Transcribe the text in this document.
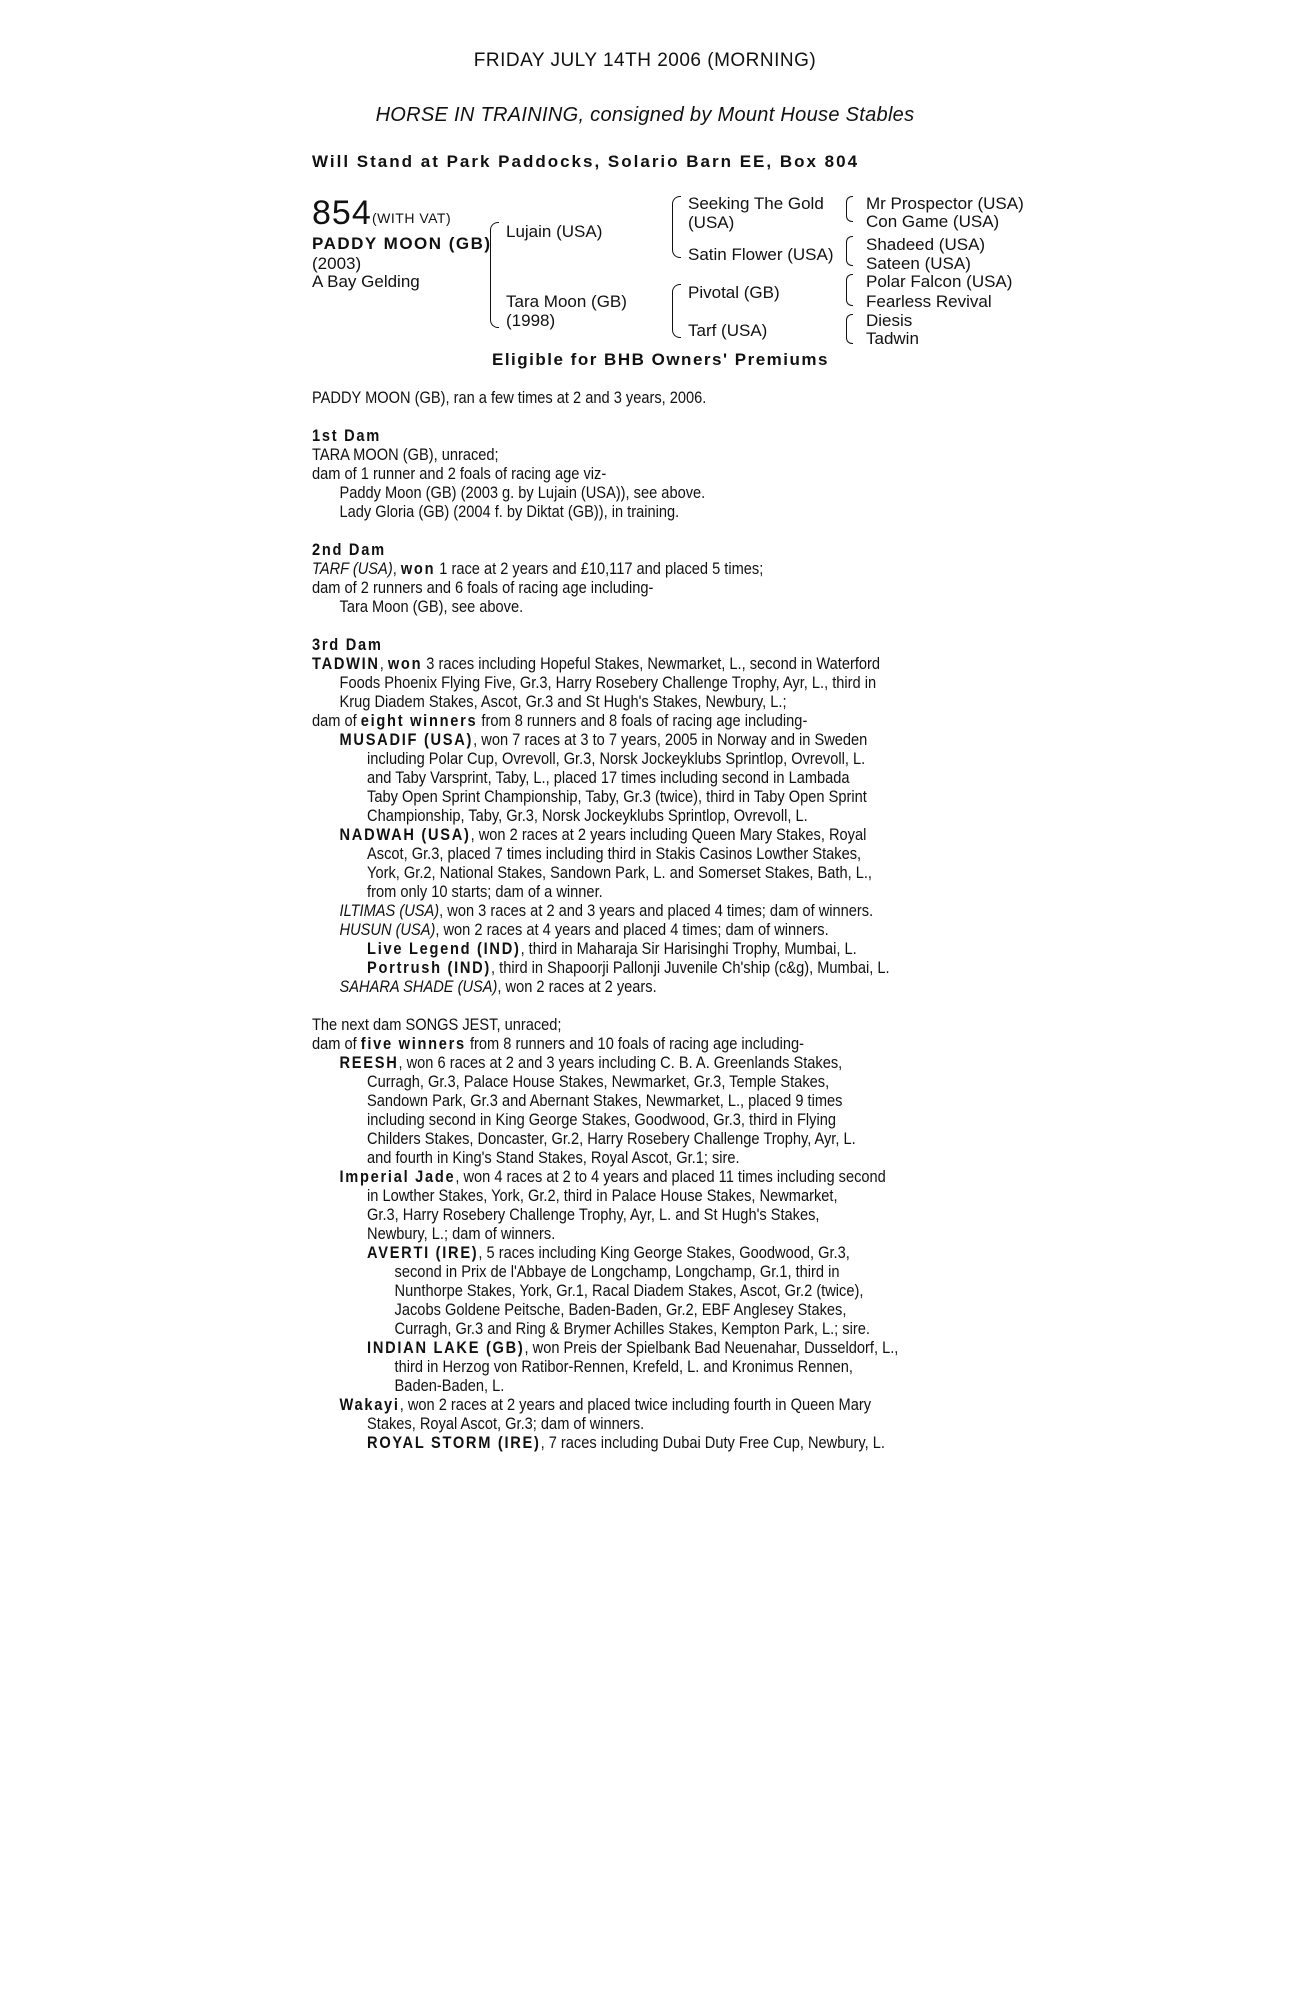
FRIDAY JULY 14TH 2006 (MORNING)
HORSE IN TRAINING, consigned by Mount House Stables
Will Stand at Park Paddocks, Solario Barn EE, Box 804
854 (WITH VAT)
PADDY MOON (GB)
(2003)
A Bay Gelding
Lujain (USA)
Tara Moon (GB)
(1998)
Seeking The Gold
(USA)
Satin Flower (USA)
Pivotal (GB)
Tarf (USA)
Mr Prospector (USA)
Con Game (USA)
Shadeed (USA)
Sateen (USA)
Polar Falcon (USA)
Fearless Revival
Diesis
Tadwin
Eligible for BHB Owners' Premiums
PADDY MOON (GB), ran a few times at 2 and 3 years, 2006.
1st Dam
TARA MOON (GB), unraced;
dam of 1 runner and 2 foals of racing age viz-
Paddy Moon (GB) (2003 g. by Lujain (USA)), see above.
Lady Gloria (GB) (2004 f. by Diktat (GB)), in training.
2nd Dam
TARF (USA), won 1 race at 2 years and £10,117 and placed 5 times;
dam of 2 runners and 6 foals of racing age including-
Tara Moon (GB), see above.
3rd Dam
TADWIN, won 3 races including Hopeful Stakes, Newmarket, L., second in Waterford
Foods Phoenix Flying Five, Gr.3, Harry Rosebery Challenge Trophy, Ayr, L., third in
Krug Diadem Stakes, Ascot, Gr.3 and St Hugh's Stakes, Newbury, L.;
dam of eight winners from 8 runners and 8 foals of racing age including-
MUSADIF (USA), won 7 races at 3 to 7 years, 2005 in Norway and in Sweden
including Polar Cup, Ovrevoll, Gr.3, Norsk Jockeyklubs Sprintlop, Ovrevoll, L.
and Taby Varsprint, Taby, L., placed 17 times including second in Lambada
Taby Open Sprint Championship, Taby, Gr.3 (twice), third in Taby Open Sprint
Championship, Taby, Gr.3, Norsk Jockeyklubs Sprintlop, Ovrevoll, L.
NADWAH (USA), won 2 races at 2 years including Queen Mary Stakes, Royal
Ascot, Gr.3, placed 7 times including third in Stakis Casinos Lowther Stakes,
York, Gr.2, National Stakes, Sandown Park, L. and Somerset Stakes, Bath, L.,
from only 10 starts; dam of a winner.
ILTIMAS (USA), won 3 races at 2 and 3 years and placed 4 times; dam of winners.
HUSUN (USA), won 2 races at 4 years and placed 4 times; dam of winners.
Live Legend (IND), third in Maharaja Sir Harisinghi Trophy, Mumbai, L.
Portrush (IND), third in Shapoorji Pallonji Juvenile Ch'ship (c&g), Mumbai, L.
SAHARA SHADE (USA), won 2 races at 2 years.
The next dam SONGS JEST, unraced;
dam of five winners from 8 runners and 10 foals of racing age including-
REESH, won 6 races at 2 and 3 years including C. B. A. Greenlands Stakes,
Curragh, Gr.3, Palace House Stakes, Newmarket, Gr.3, Temple Stakes,
Sandown Park, Gr.3 and Abernant Stakes, Newmarket, L., placed 9 times
including second in King George Stakes, Goodwood, Gr.3, third in Flying
Childers Stakes, Doncaster, Gr.2, Harry Rosebery Challenge Trophy, Ayr, L.
and fourth in King's Stand Stakes, Royal Ascot, Gr.1; sire.
Imperial Jade, won 4 races at 2 to 4 years and placed 11 times including second
in Lowther Stakes, York, Gr.2, third in Palace House Stakes, Newmarket,
Gr.3, Harry Rosebery Challenge Trophy, Ayr, L. and St Hugh's Stakes,
Newbury, L.; dam of winners.
AVERTI (IRE), 5 races including King George Stakes, Goodwood, Gr.3,
second in Prix de l'Abbaye de Longchamp, Longchamp, Gr.1, third in
Nunthorpe Stakes, York, Gr.1, Racal Diadem Stakes, Ascot, Gr.2 (twice),
Jacobs Goldene Peitsche, Baden-Baden, Gr.2, EBF Anglesey Stakes,
Curragh, Gr.3 and Ring & Brymer Achilles Stakes, Kempton Park, L.; sire.
INDIAN LAKE (GB), won Preis der Spielbank Bad Neuenahar, Dusseldorf, L.,
third in Herzog von Ratibor-Rennen, Krefeld, L. and Kronimus Rennen,
Baden-Baden, L.
Wakayi, won 2 races at 2 years and placed twice including fourth in Queen Mary
Stakes, Royal Ascot, Gr.3; dam of winners.
ROYAL STORM (IRE), 7 races including Dubai Duty Free Cup, Newbury, L.
